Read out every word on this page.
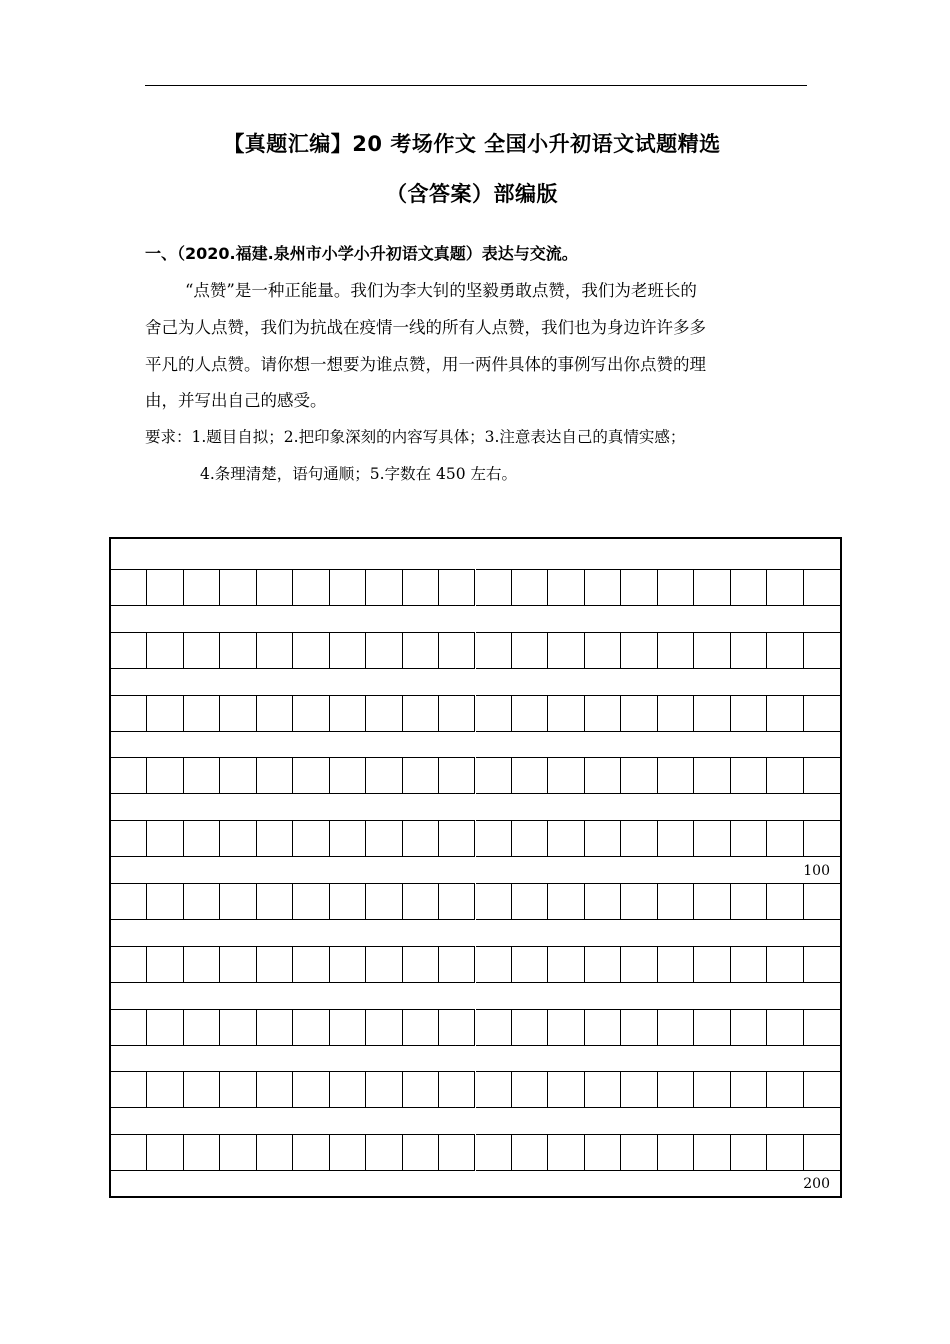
【真题汇编】20 考场作文 全国小升初语文试题精选
（含答案）部编版
一、（2020.福建.泉州市小学小升初语文真题）表达与交流。
“点赞”是一种正能量。我们为李大钊的坚毅勇敢点赞，我们为老班长的
舍己为人点赞，我们为抗战在疫情一线的所有人点赞，我们也为身边许许多多
平凡的人点赞。请你想一想要为谁点赞，用一两件具体的事例写出你点赞的理
由，并写出自己的感受。
要求：1.题目自拟；2.把印象深刻的内容写具体；3.注意表达自己的真情实感；
4.条理清楚，语句通顺；5.字数在 450 左右。
100
200
